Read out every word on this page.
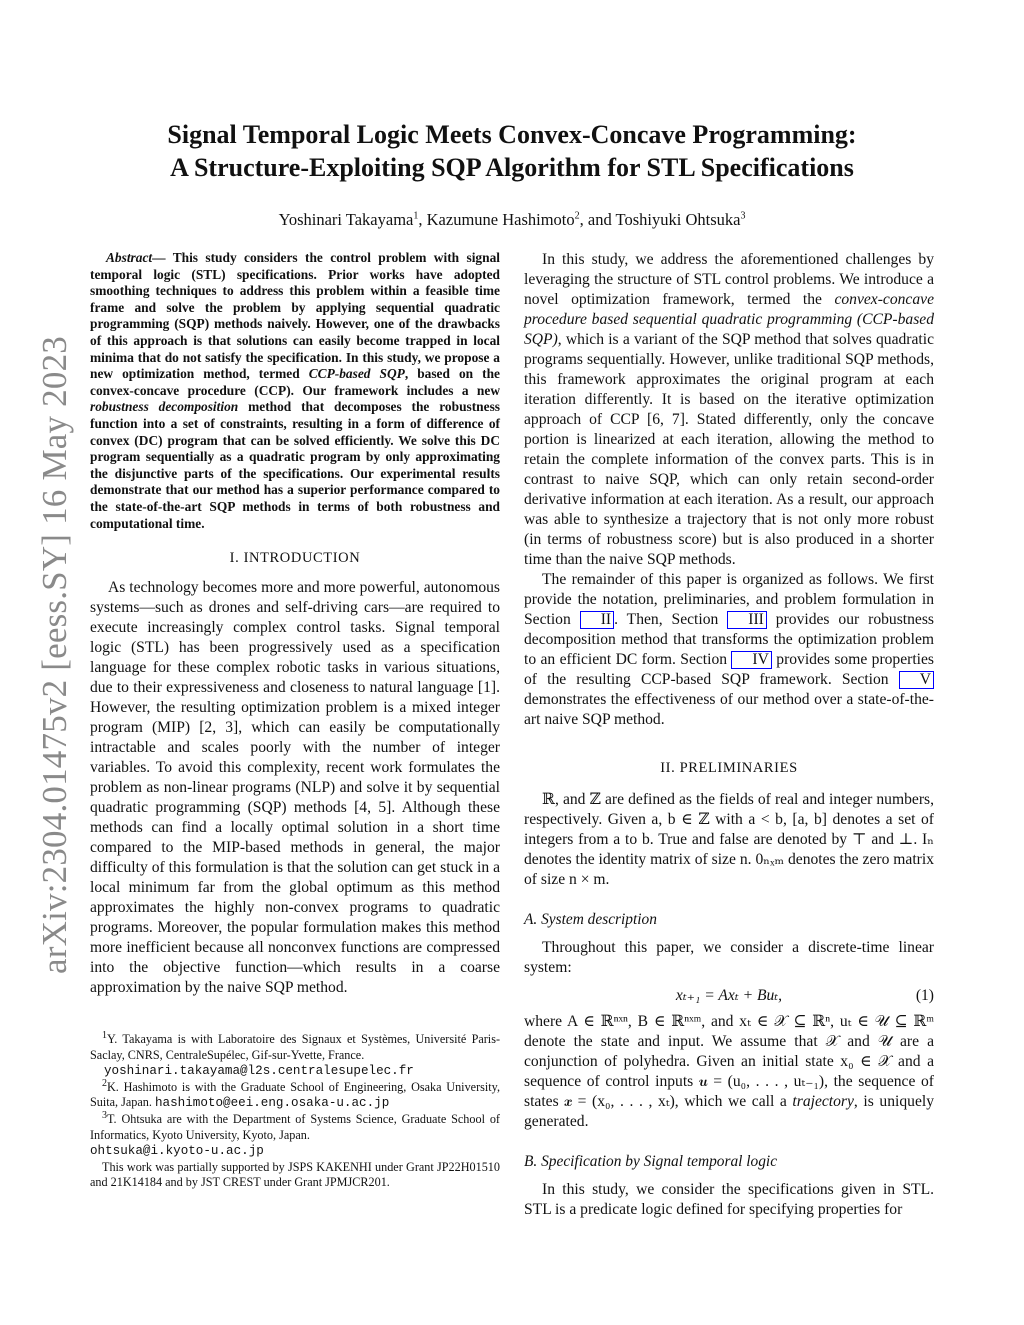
arXiv:2304.01475v2 [eess.SY] 16 May 2023
Signal Temporal Logic Meets Convex-Concave Programming:
A Structure-Exploiting SQP Algorithm for STL Specifications
Yoshinari Takayama$^1$, Kazumune Hashimoto$^2$, and Toshiyuki Ohtsuka$^3$

Abstract— This study considers the control problem with signal temporal logic (STL) specifications. Prior works have adopted smoothing techniques to address this problem within a feasible time frame and solve the problem by applying sequential quadratic programming (SQP) methods naively. However, one of the drawbacks of this approach is that solutions can easily become trapped in local minima that do not satisfy the specification. In this study, we propose a new optimization method, termed CCP-based SQP, based on the convex-concave procedure (CCP). Our framework includes a new robustness decomposition method that decomposes the robustness function into a set of constraints, resulting in a form of difference of convex (DC) program that can be solved efficiently. We solve this DC program sequentially as a quadratic program by only approximating the disjunctive parts of the specifications. Our experimental results demonstrate that our method has a superior performance compared to the state-of-the-art SQP methods in terms of both robustness and computational time.

I. INTRODUCTION

As technology becomes more and more powerful, autonomous systems—such as drones and self-driving cars—are required to execute increasingly complex control tasks. Signal temporal logic (STL) has been progressively used as a specification language for these complex robotic tasks in various situations, due to their expressiveness and closeness to natural language [1]. However, the resulting optimization problem is a mixed integer program (MIP) [2, 3], which can easily be computationally intractable and scales poorly with the number of integer variables. To avoid this complexity, recent work formulates the problem as non-linear programs (NLP) and solve it by sequential quadratic programming (SQP) methods [4, 5]. Although these methods can find a locally optimal solution in a short time compared to the MIP-based methods in general, the major difficulty of this formulation is that the solution can get stuck in a local minimum far from the global optimum as this method approximates the highly non-convex programs to quadratic programs. Moreover, the popular formulation makes this method more inefficient because all nonconvex functions are compressed into the objective function—which results in a coarse approximation by the naive SQP method.

$^1$Y. Takayama is with Laboratoire des Signaux et Systèmes, Université Paris-Saclay, CNRS, CentraleSupélec, Gif-sur-Yvette, France.

yoshinari.takayama@l2s.centralesupelec.fr

$^2$K. Hashimoto is with the Graduate School of Engineering, Osaka University, Suita, Japan. hashimoto@eei.eng.osaka-u.ac.jp

$^3$T. Ohtsuka are with the Department of Systems Science, Graduate School of Informatics, Kyoto University, Kyoto, Japan.

ohtsuka@i.kyoto-u.ac.jp

This work was partially supported by JSPS KAKENHI under Grant JP22H01510 and 21K14184 and by JST CREST under Grant JPMJCR201.

In this study, we address the aforementioned challenges by leveraging the structure of STL control problems. We introduce a novel optimization framework, termed the convex-concave procedure based sequential quadratic programming (CCP-based SQP), which is a variant of the SQP method that solves quadratic programs sequentially. However, unlike traditional SQP methods, this framework approximates the original program at each iteration differently. It is based on the iterative optimization approach of CCP [6, 7]. Stated differently, only the concave portion is linearized at each iteration, allowing the method to retain the complete information of the convex parts. This is in contrast to naive SQP, which can only retain second-order derivative information at each iteration. As a result, our approach was able to synthesize a trajectory that is not only more robust (in terms of robustness score) but is also produced in a shorter time than the naive SQP methods.

The remainder of this paper is organized as follows. We first provide the notation, preliminaries, and problem formulation in Section II . Then, Section III provides our robustness decomposition method that transforms the optimization problem to an efficient DC form. Section IV provides some properties of the resulting CCP-based SQP framework. Section V demonstrates the effectiveness of our method over a state-of-the-art naive SQP method.

II. PRELIMINARIES

ℝ, and ℤ are defined as the fields of real and integer numbers, respectively. Given a, b ∈ ℤ with a < b, [a, b] denotes a set of integers from a to b. True and false are denoted by ⊤ and ⊥. Iₙ denotes the identity matrix of size n. 0ₙₓₘ denotes the zero matrix of size n × m.

A. System description

Throughout this paper, we consider a discrete-time linear system:

xₜ₊₁ = Axₜ + Buₜ,	(1)

where A ∈ ℝⁿˣⁿ, B ∈ ℝⁿˣᵐ, and xₜ ∈ 𝒳 ⊆ ℝⁿ, uₜ ∈ 𝒰 ⊆ ℝᵐ denote the state and input. We assume that 𝒳 and 𝒰 are a conjunction of polyhedra. Given an initial state x₀ ∈ 𝒳 and a sequence of control inputs 𝒖 = (u₀, . . . , uₜ₋₁), the sequence of states 𝒙 = (x₀, . . . , xₜ), which we call a trajectory, is uniquely generated.

B. Specification by Signal temporal logic

In this study, we consider the specifications given in STL. STL is a predicate logic defined for specifying properties for
